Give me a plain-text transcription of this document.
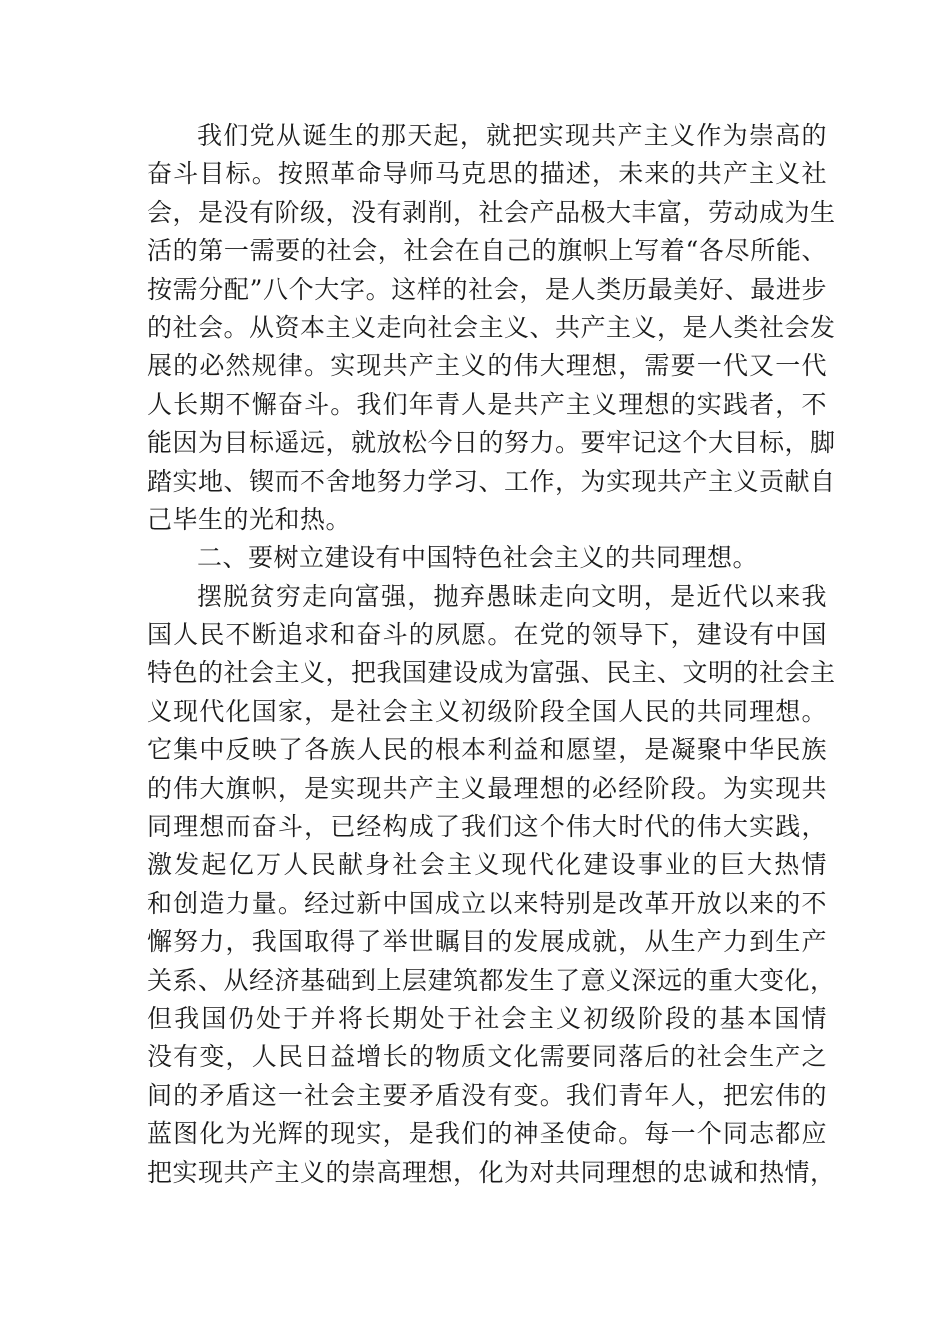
我们党从诞生的那天起，就把实现共产主义作为崇高的
奋斗目标。按照革命导师马克思的描述，未来的共产主义社
会，是没有阶级，没有剥削，社会产品极大丰富，劳动成为生
活的第一需要的社会，社会在自己的旗帜上写着“各尽所能、
按需分配”八个大字。这样的社会，是人类历最美好、最进步
的社会。从资本主义走向社会主义、共产主义，是人类社会发
展的必然规律。实现共产主义的伟大理想，需要一代又一代
人长期不懈奋斗。我们年青人是共产主义理想的实践者，不
能因为目标遥远，就放松今日的努力。要牢记这个大目标，脚
踏实地、锲而不舍地努力学习、工作，为实现共产主义贡献自
己毕生的光和热。
二、要树立建设有中国特色社会主义的共同理想。
摆脱贫穷走向富强，抛弃愚昧走向文明，是近代以来我
国人民不断追求和奋斗的夙愿。在党的领导下，建设有中国
特色的社会主义，把我国建设成为富强、民主、文明的社会主
义现代化国家，是社会主义初级阶段全国人民的共同理想。
它集中反映了各族人民的根本利益和愿望，是凝聚中华民族
的伟大旗帜，是实现共产主义最理想的必经阶段。为实现共
同理想而奋斗，已经构成了我们这个伟大时代的伟大实践，
激发起亿万人民献身社会主义现代化建设事业的巨大热情
和创造力量。经过新中国成立以来特别是改革开放以来的不
懈努力，我国取得了举世瞩目的发展成就，从生产力到生产
关系、从经济基础到上层建筑都发生了意义深远的重大变化，
但我国仍处于并将长期处于社会主义初级阶段的基本国情
没有变，人民日益增长的物质文化需要同落后的社会生产之
间的矛盾这一社会主要矛盾没有变。我们青年人，把宏伟的
蓝图化为光辉的现实，是我们的神圣使命。每一个同志都应
把实现共产主义的崇高理想，化为对共同理想的忠诚和热情，
